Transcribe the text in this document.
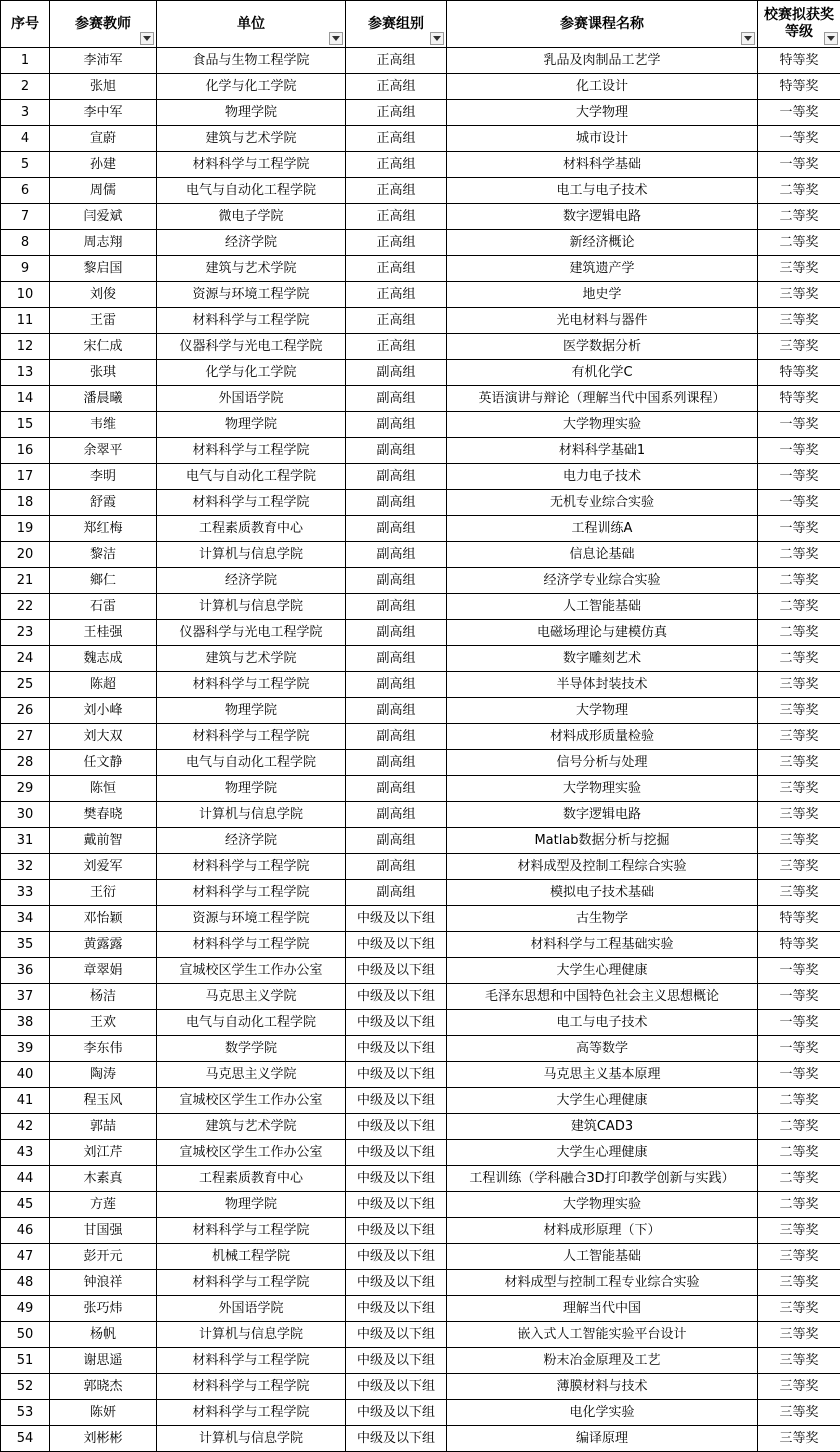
序号	参赛教师	单位	参赛组别	参赛课程名称	校赛拟获奖等级

1	李沛军	食品与生物工程学院	正高组	乳品及肉制品工艺学	特等奖
2	张旭	化学与化工学院	正高组	化工设计	特等奖
3	李中军	物理学院	正高组	大学物理	一等奖
4	宣蔚	建筑与艺术学院	正高组	城市设计	一等奖
5	孙建	材料科学与工程学院	正高组	材料科学基础	一等奖
6	周儒	电气与自动化工程学院	正高组	电工与电子技术	二等奖
7	闫爱斌	微电子学院	正高组	数字逻辑电路	二等奖
8	周志翔	经济学院	正高组	新经济概论	二等奖
9	黎启国	建筑与艺术学院	正高组	建筑遗产学	三等奖
10	刘俊	资源与环境工程学院	正高组	地史学	三等奖
11	王雷	材料科学与工程学院	正高组	光电材料与器件	三等奖
12	宋仁成	仪器科学与光电工程学院	正高组	医学数据分析	三等奖
13	张琪	化学与化工学院	副高组	有机化学C	特等奖
14	潘晨曦	外国语学院	副高组	英语演讲与辩论（理解当代中国系列课程）	特等奖
15	韦维	物理学院	副高组	大学物理实验	一等奖
16	余翠平	材料科学与工程学院	副高组	材料科学基础1	一等奖
17	李明	电气与自动化工程学院	副高组	电力电子技术	一等奖
18	舒霞	材料科学与工程学院	副高组	无机专业综合实验	一等奖
19	郑红梅	工程素质教育中心	副高组	工程训练A	一等奖
20	黎洁	计算机与信息学院	副高组	信息论基础	二等奖
21	鄉仁	经济学院	副高组	经济学专业综合实验	二等奖
22	石雷	计算机与信息学院	副高组	人工智能基础	二等奖
23	王桂强	仪器科学与光电工程学院	副高组	电磁场理论与建模仿真	二等奖
24	魏志成	建筑与艺术学院	副高组	数字雕刻艺术	二等奖
25	陈超	材料科学与工程学院	副高组	半导体封装技术	三等奖
26	刘小峰	物理学院	副高组	大学物理	三等奖
27	刘大双	材料科学与工程学院	副高组	材料成形质量检验	三等奖
28	任文静	电气与自动化工程学院	副高组	信号分析与处理	三等奖
29	陈恒	物理学院	副高组	大学物理实验	三等奖
30	樊春晓	计算机与信息学院	副高组	数字逻辑电路	三等奖
31	戴前智	经济学院	副高组	Matlab数据分析与挖掘	三等奖
32	刘爱军	材料科学与工程学院	副高组	材料成型及控制工程综合实验	三等奖
33	王衍	材料科学与工程学院	副高组	模拟电子技术基础	三等奖
34	邓怡颖	资源与环境工程学院	中级及以下组	古生物学	特等奖
35	黄露露	材料科学与工程学院	中级及以下组	材料科学与工程基础实验	特等奖
36	章翠娟	宣城校区学生工作办公室	中级及以下组	大学生心理健康	一等奖
37	杨洁	马克思主义学院	中级及以下组	毛泽东思想和中国特色社会主义思想概论	一等奖
38	王欢	电气与自动化工程学院	中级及以下组	电工与电子技术	一等奖
39	李东伟	数学学院	中级及以下组	高等数学	一等奖
40	陶涛	马克思主义学院	中级及以下组	马克思主义基本原理	一等奖
41	程玉风	宣城校区学生工作办公室	中级及以下组	大学生心理健康	二等奖
42	郭喆	建筑与艺术学院	中级及以下组	建筑CAD3	二等奖
43	刘江芹	宣城校区学生工作办公室	中级及以下组	大学生心理健康	二等奖
44	木素真	工程素质教育中心	中级及以下组	工程训练（学科融合3D打印教学创新与实践）	二等奖
45	方莲	物理学院	中级及以下组	大学物理实验	二等奖
46	甘国强	材料科学与工程学院	中级及以下组	材料成形原理（下）	三等奖
47	彭开元	机械工程学院	中级及以下组	人工智能基础	三等奖
48	钟浪祥	材料科学与工程学院	中级及以下组	材料成型与控制工程专业综合实验	三等奖
49	张巧炜	外国语学院	中级及以下组	理解当代中国	三等奖
50	杨帆	计算机与信息学院	中级及以下组	嵌入式人工智能实验平台设计	三等奖
51	谢思遥	材料科学与工程学院	中级及以下组	粉末冶金原理及工艺	三等奖
52	郭晓杰	材料科学与工程学院	中级及以下组	薄膜材料与技术	三等奖
53	陈妍	材料科学与工程学院	中级及以下组	电化学实验	三等奖
54	刘彬彬	计算机与信息学院	中级及以下组	编译原理	三等奖
